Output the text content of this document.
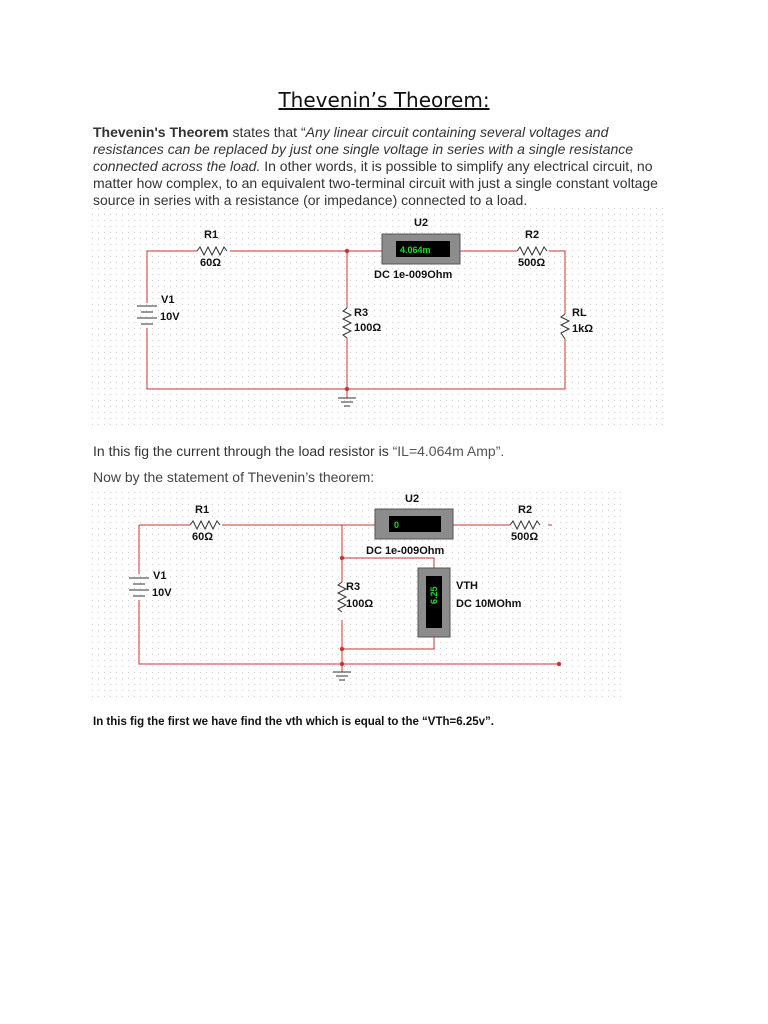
Thevenin’s Theorem:
Thevenin's Theorem states that “Any linear circuit containing several voltages and resistances can be replaced by just one single voltage in series with a single resistance connected across the load. In other words, it is possible to simplify any electrical circuit, no matter how complex, to an equivalent two-terminal circuit with just a single constant voltage source in series with a resistance (or impedance) connected to a load.
R1
60Ω
R2
500Ω
4.064m
U2
DC 1e-009Ohm
V1
10V	R3
100Ω
RL
1kΩ
In this fig the current through the load resistor is “IL=4.064m Amp”.
Now by the statement of Thevenin’s theorem:
R1
60Ω
R2
500Ω
0
U2
DC 1e-009Ohm
6.25
VTH
DC 10MOhm
V1
10V	R3
100Ω
In this fig the first we have find the vth which is equal to the “VTh=6.25v”.
